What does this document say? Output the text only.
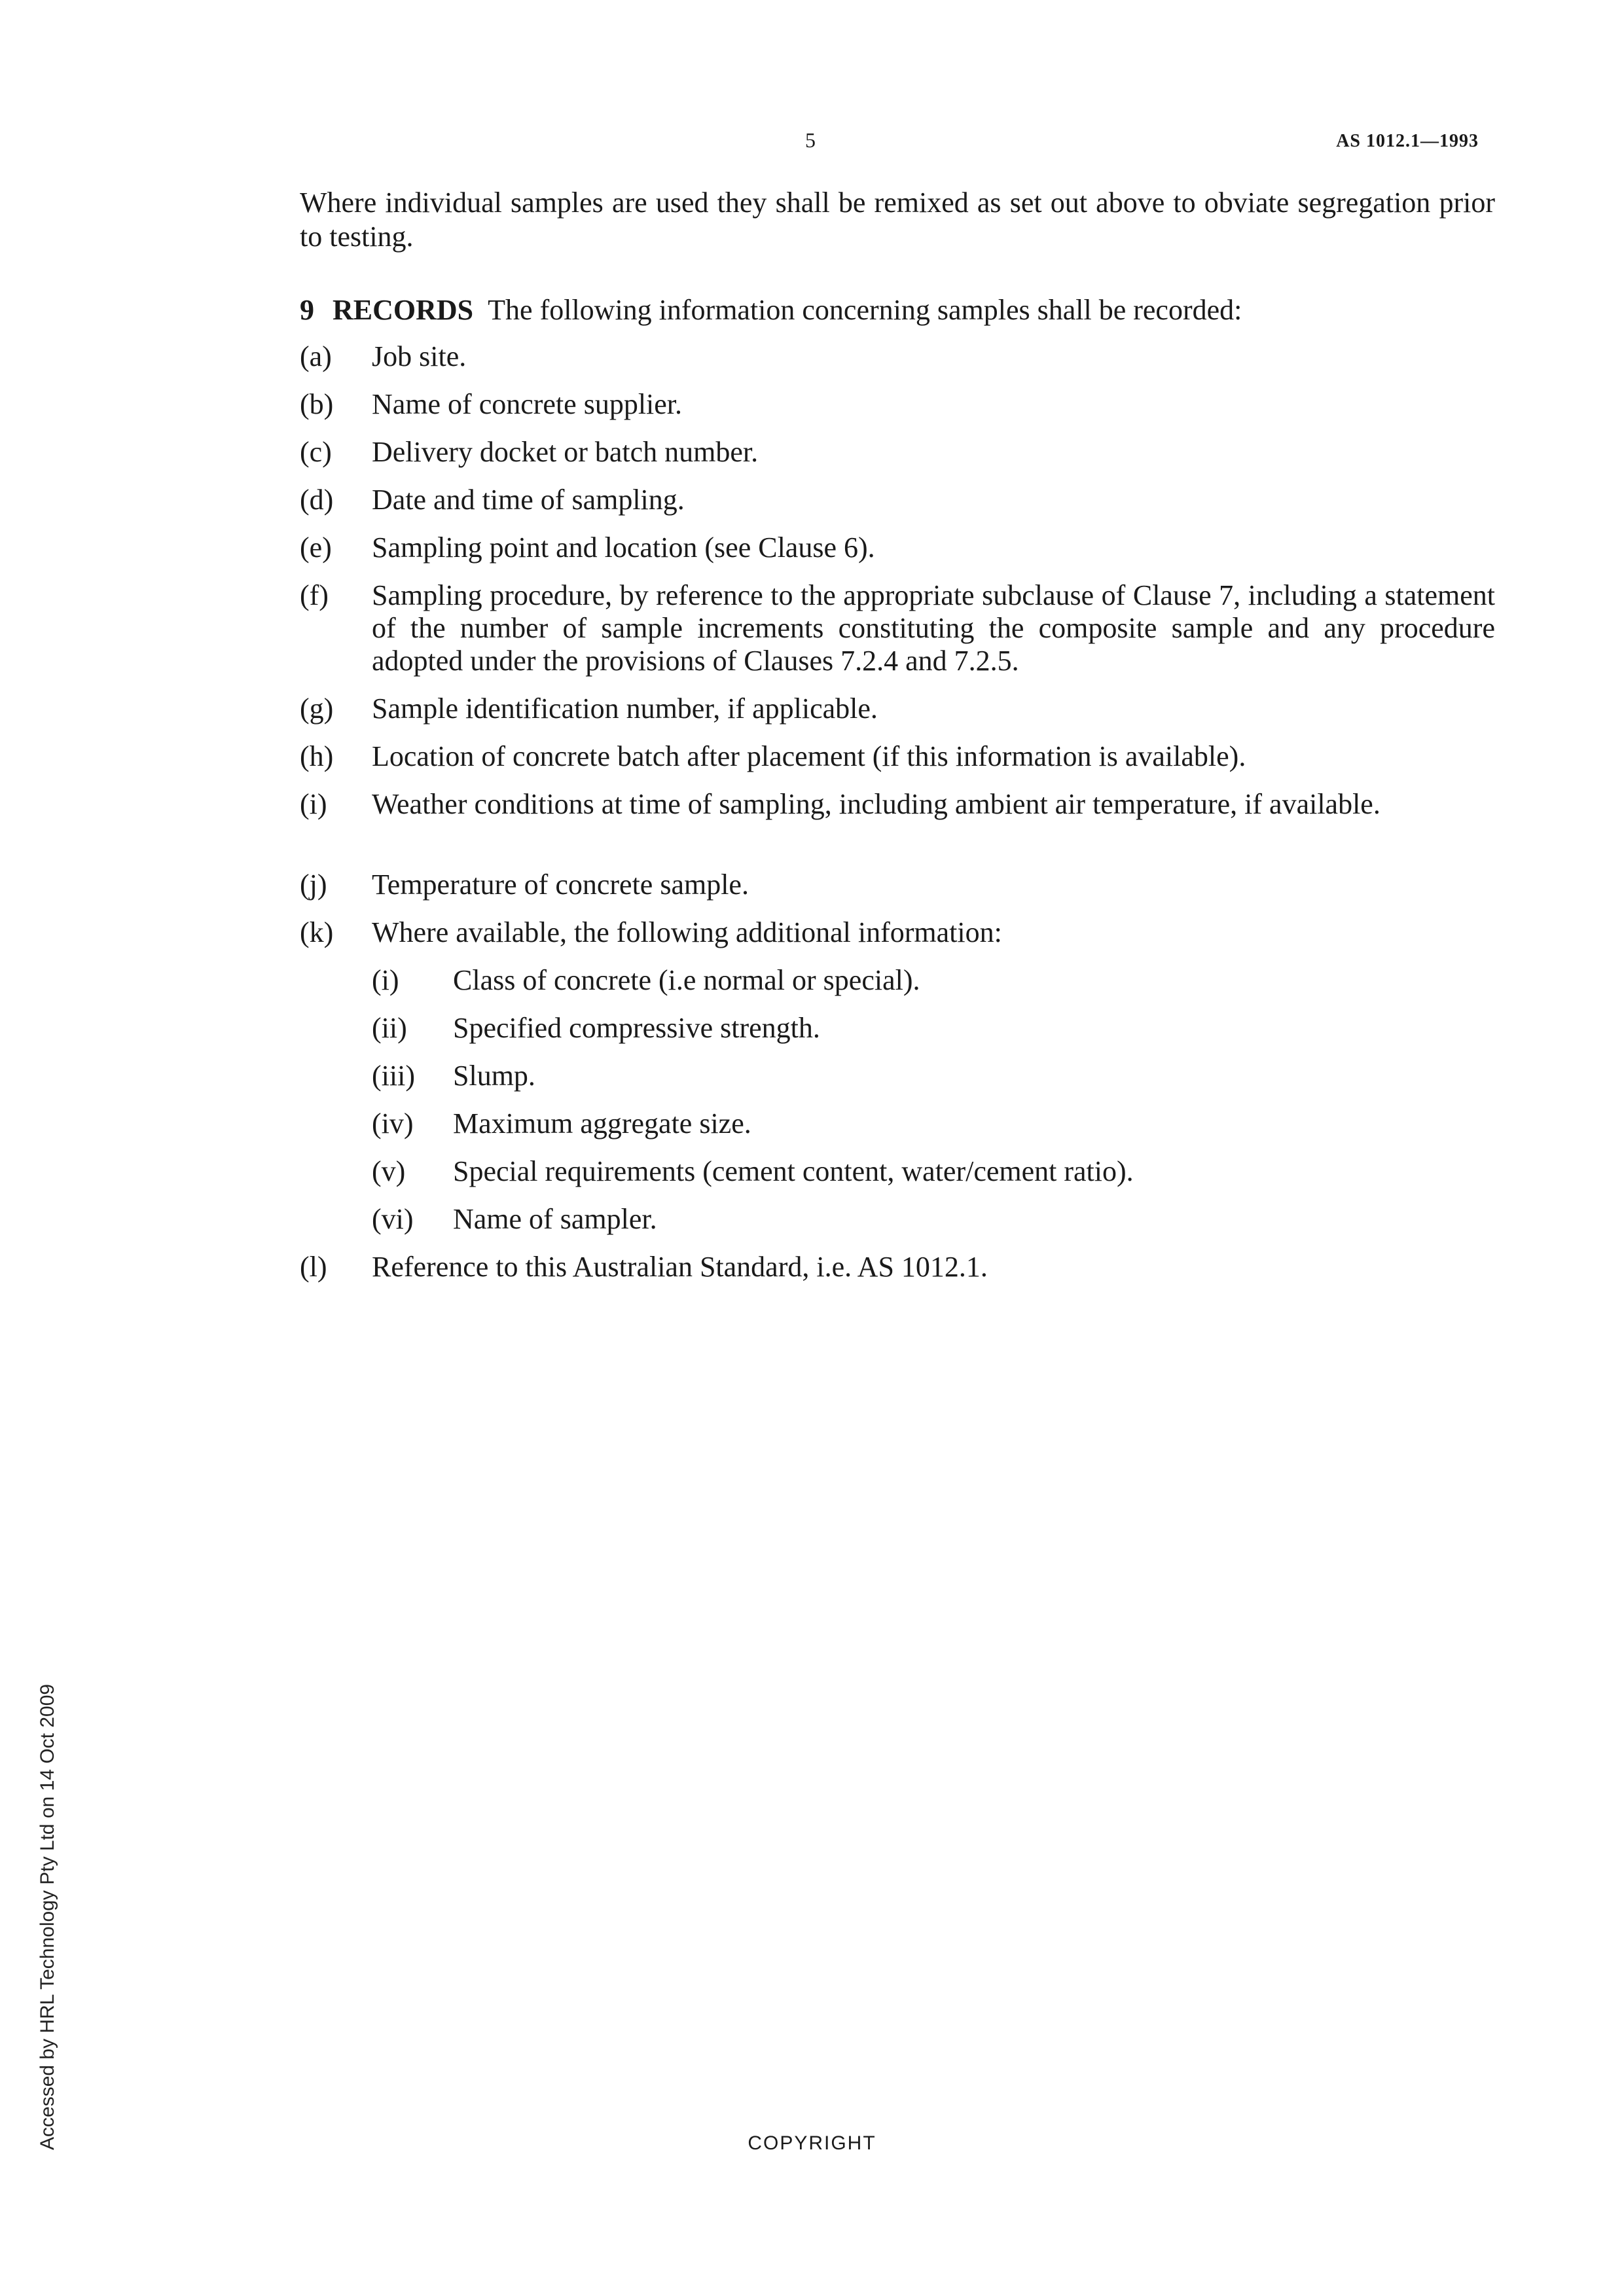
5	AS 1012.1—1993

Where individual samples are used they shall be remixed as set out above to obviate segregation prior to testing.

9 RECORDS The following information concerning samples shall be recorded:

(a) Job site.
(b) Name of concrete supplier.
(c) Delivery docket or batch number.
(d) Date and time of sampling.
(e) Sampling point and location (see Clause 6).
(f) Sampling procedure, by reference to the appropriate subclause of Clause 7, including a statement of the number of sample increments constituting the composite sample and any procedure adopted under the provisions of Clauses 7.2.4 and 7.2.5.
(g) Sample identification number, if applicable.
(h) Location of concrete batch after placement (if this information is available).
(i) Weather conditions at time of sampling, including ambient air temperature, if available.
(j) Temperature of concrete sample.
(k) Where available, the following additional information:
(i) Class of concrete (i.e normal or special).
(ii) Specified compressive strength.
(iii) Slump.
(iv) Maximum aggregate size.
(v) Special requirements (cement content, water/cement ratio).
(vi) Name of sampler.
(l) Reference to this Australian Standard, i.e. AS 1012.1.
Accessed by HRL Technology Pty Ltd on 14 Oct 2009	COPYRIGHT
